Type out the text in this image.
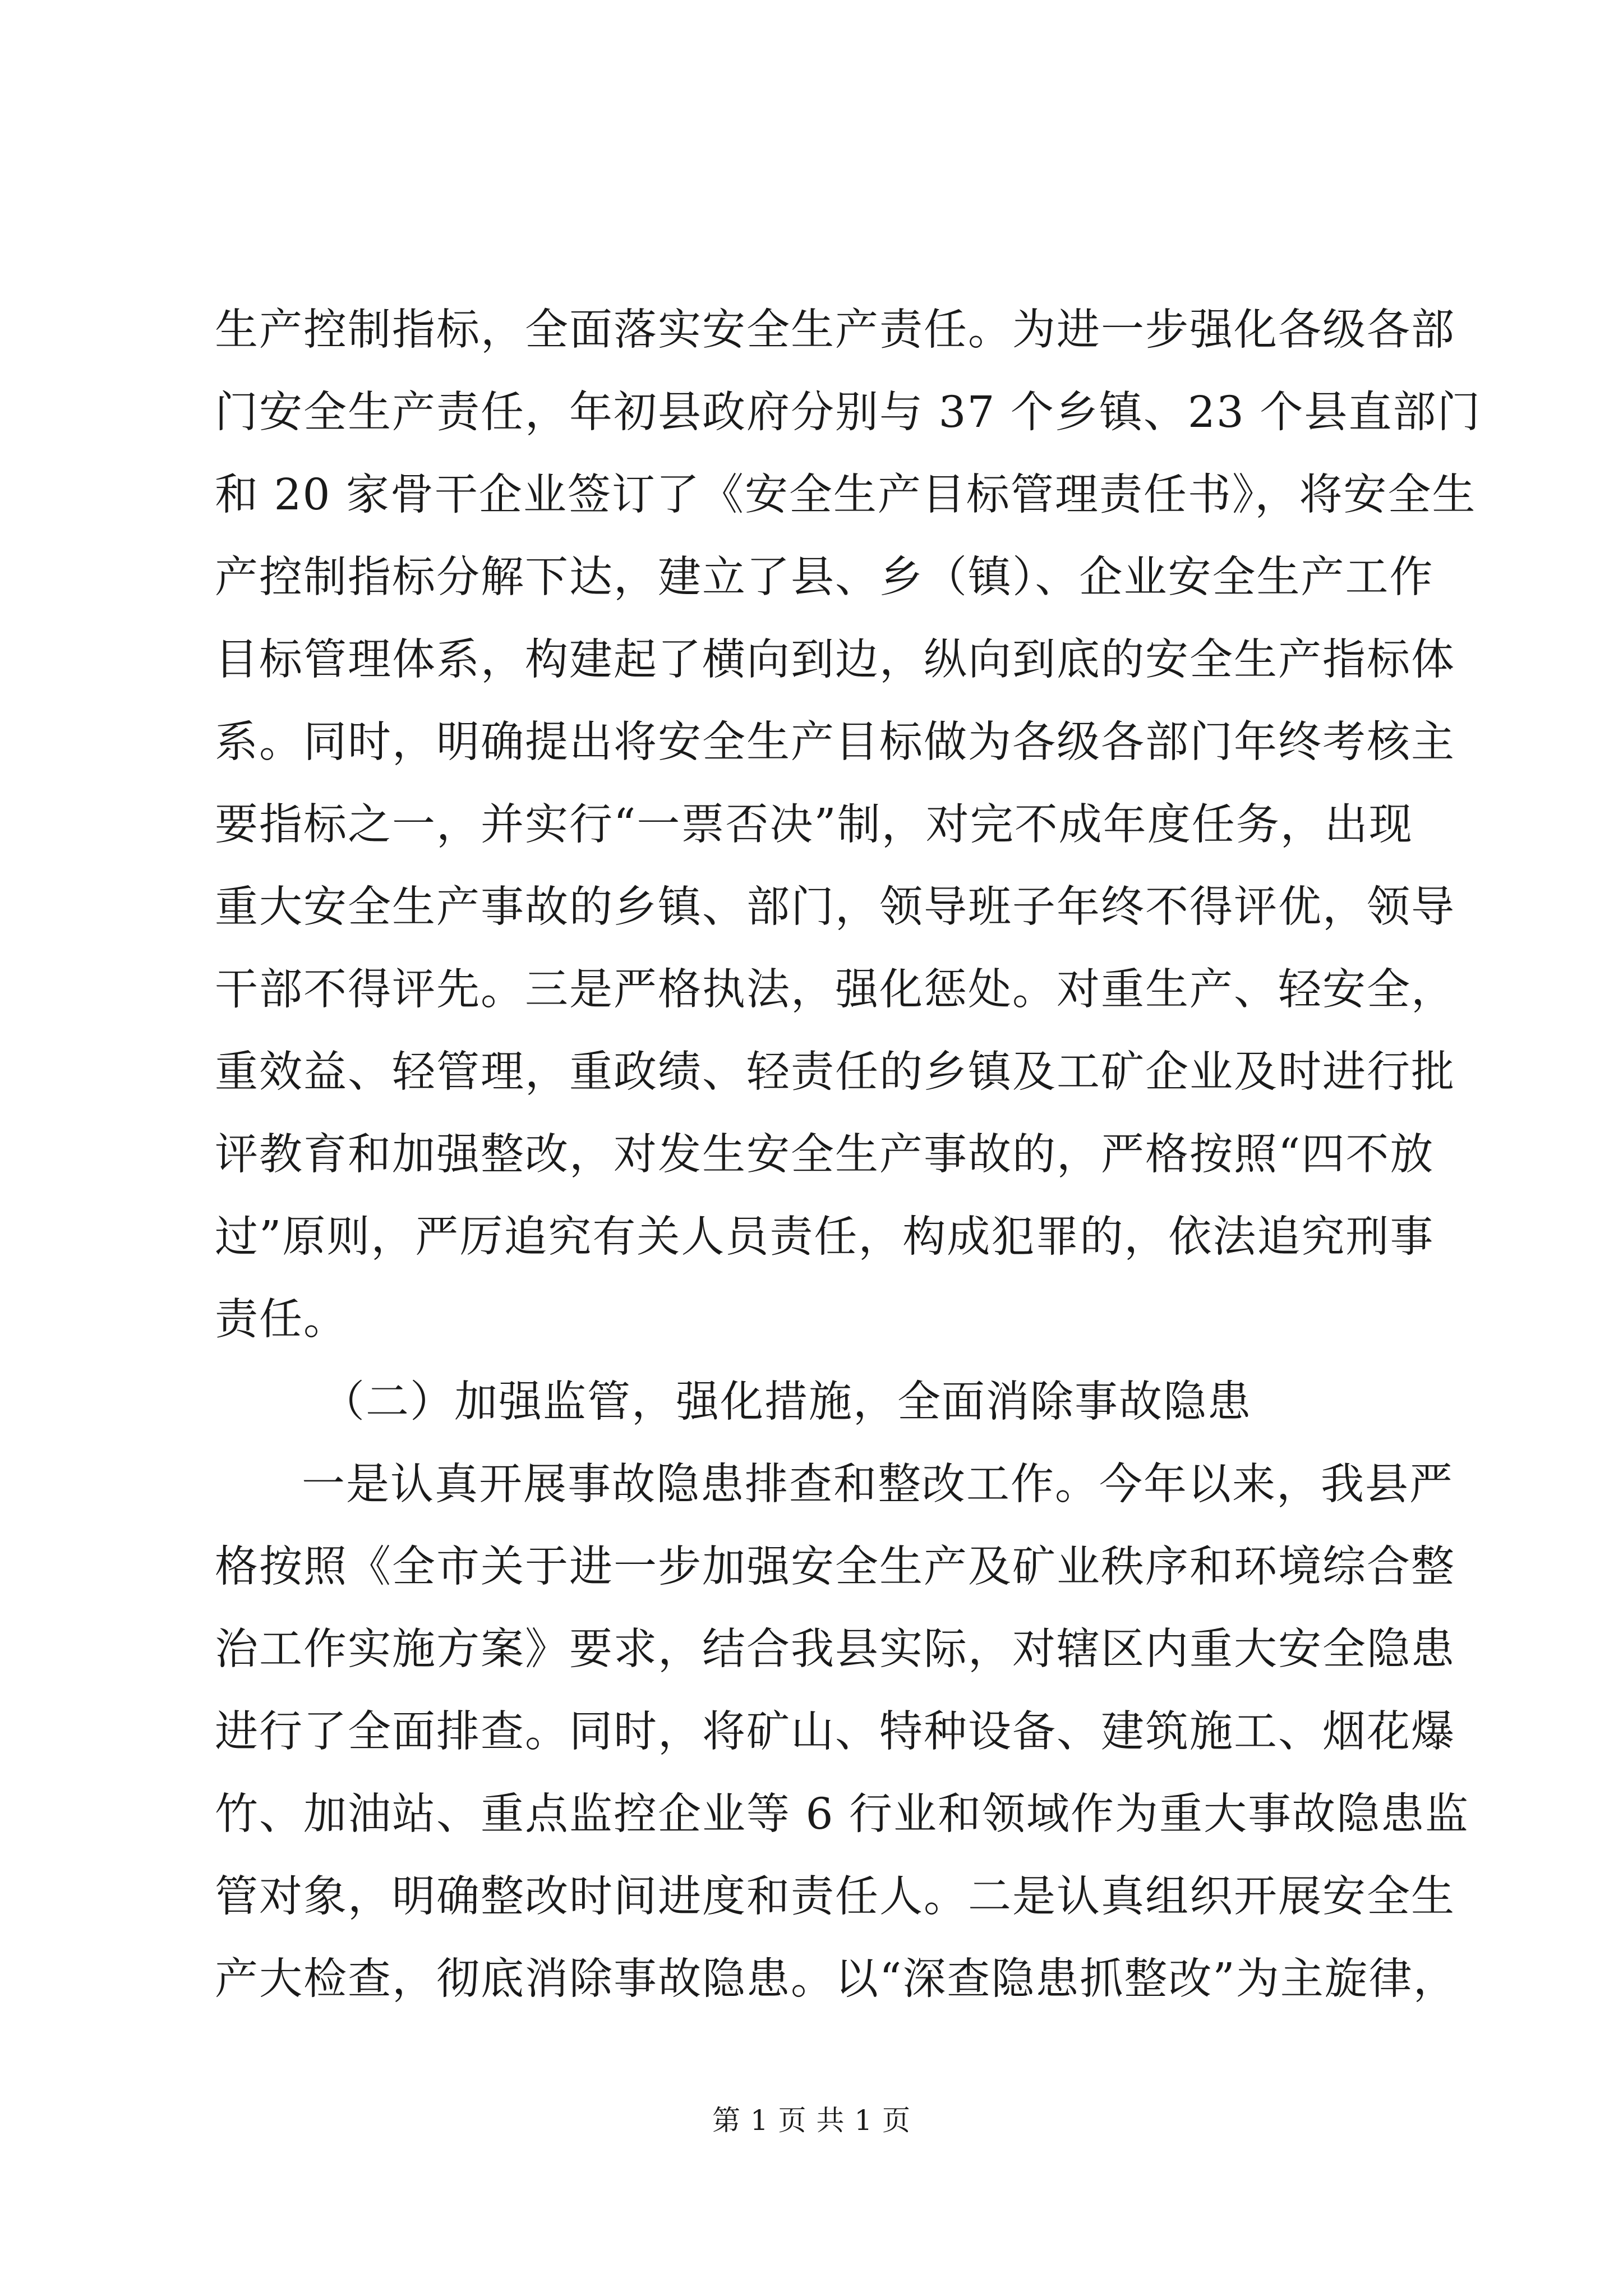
生产控制指标，全面落实安全生产责任。为进一步强化各级各部
门安全生产责任，年初县政府分别与 37 个乡镇、23 个县直部门
和 20 家骨干企业签订了《安全生产目标管理责任书》，将安全生
产控制指标分解下达，建立了县、乡（镇）、企业安全生产工作
目标管理体系，构建起了横向到边，纵向到底的安全生产指标体
系。同时，明确提出将安全生产目标做为各级各部门年终考核主
要指标之一，并实行“一票否决”制，对完不成年度任务，出现
重大安全生产事故的乡镇、部门，领导班子年终不得评优，领导
干部不得评先。三是严格执法，强化惩处。对重生产、轻安全，
重效益、轻管理，重政绩、轻责任的乡镇及工矿企业及时进行批
评教育和加强整改，对发生安全生产事故的，严格按照“四不放
过”原则，严厉追究有关人员责任，构成犯罪的，依法追究刑事
责任。
（二）加强监管，强化措施，全面消除事故隐患
一是认真开展事故隐患排查和整改工作。今年以来，我县严
格按照《全市关于进一步加强安全生产及矿业秩序和环境综合整
治工作实施方案》要求，结合我县实际，对辖区内重大安全隐患
进行了全面排查。同时，将矿山、特种设备、建筑施工、烟花爆
竹、加油站、重点监控企业等 6 行业和领域作为重大事故隐患监
管对象，明确整改时间进度和责任人。二是认真组织开展安全生
产大检查，彻底消除事故隐患。以“深查隐患抓整改”为主旋律，
第 1 页 共 1 页
